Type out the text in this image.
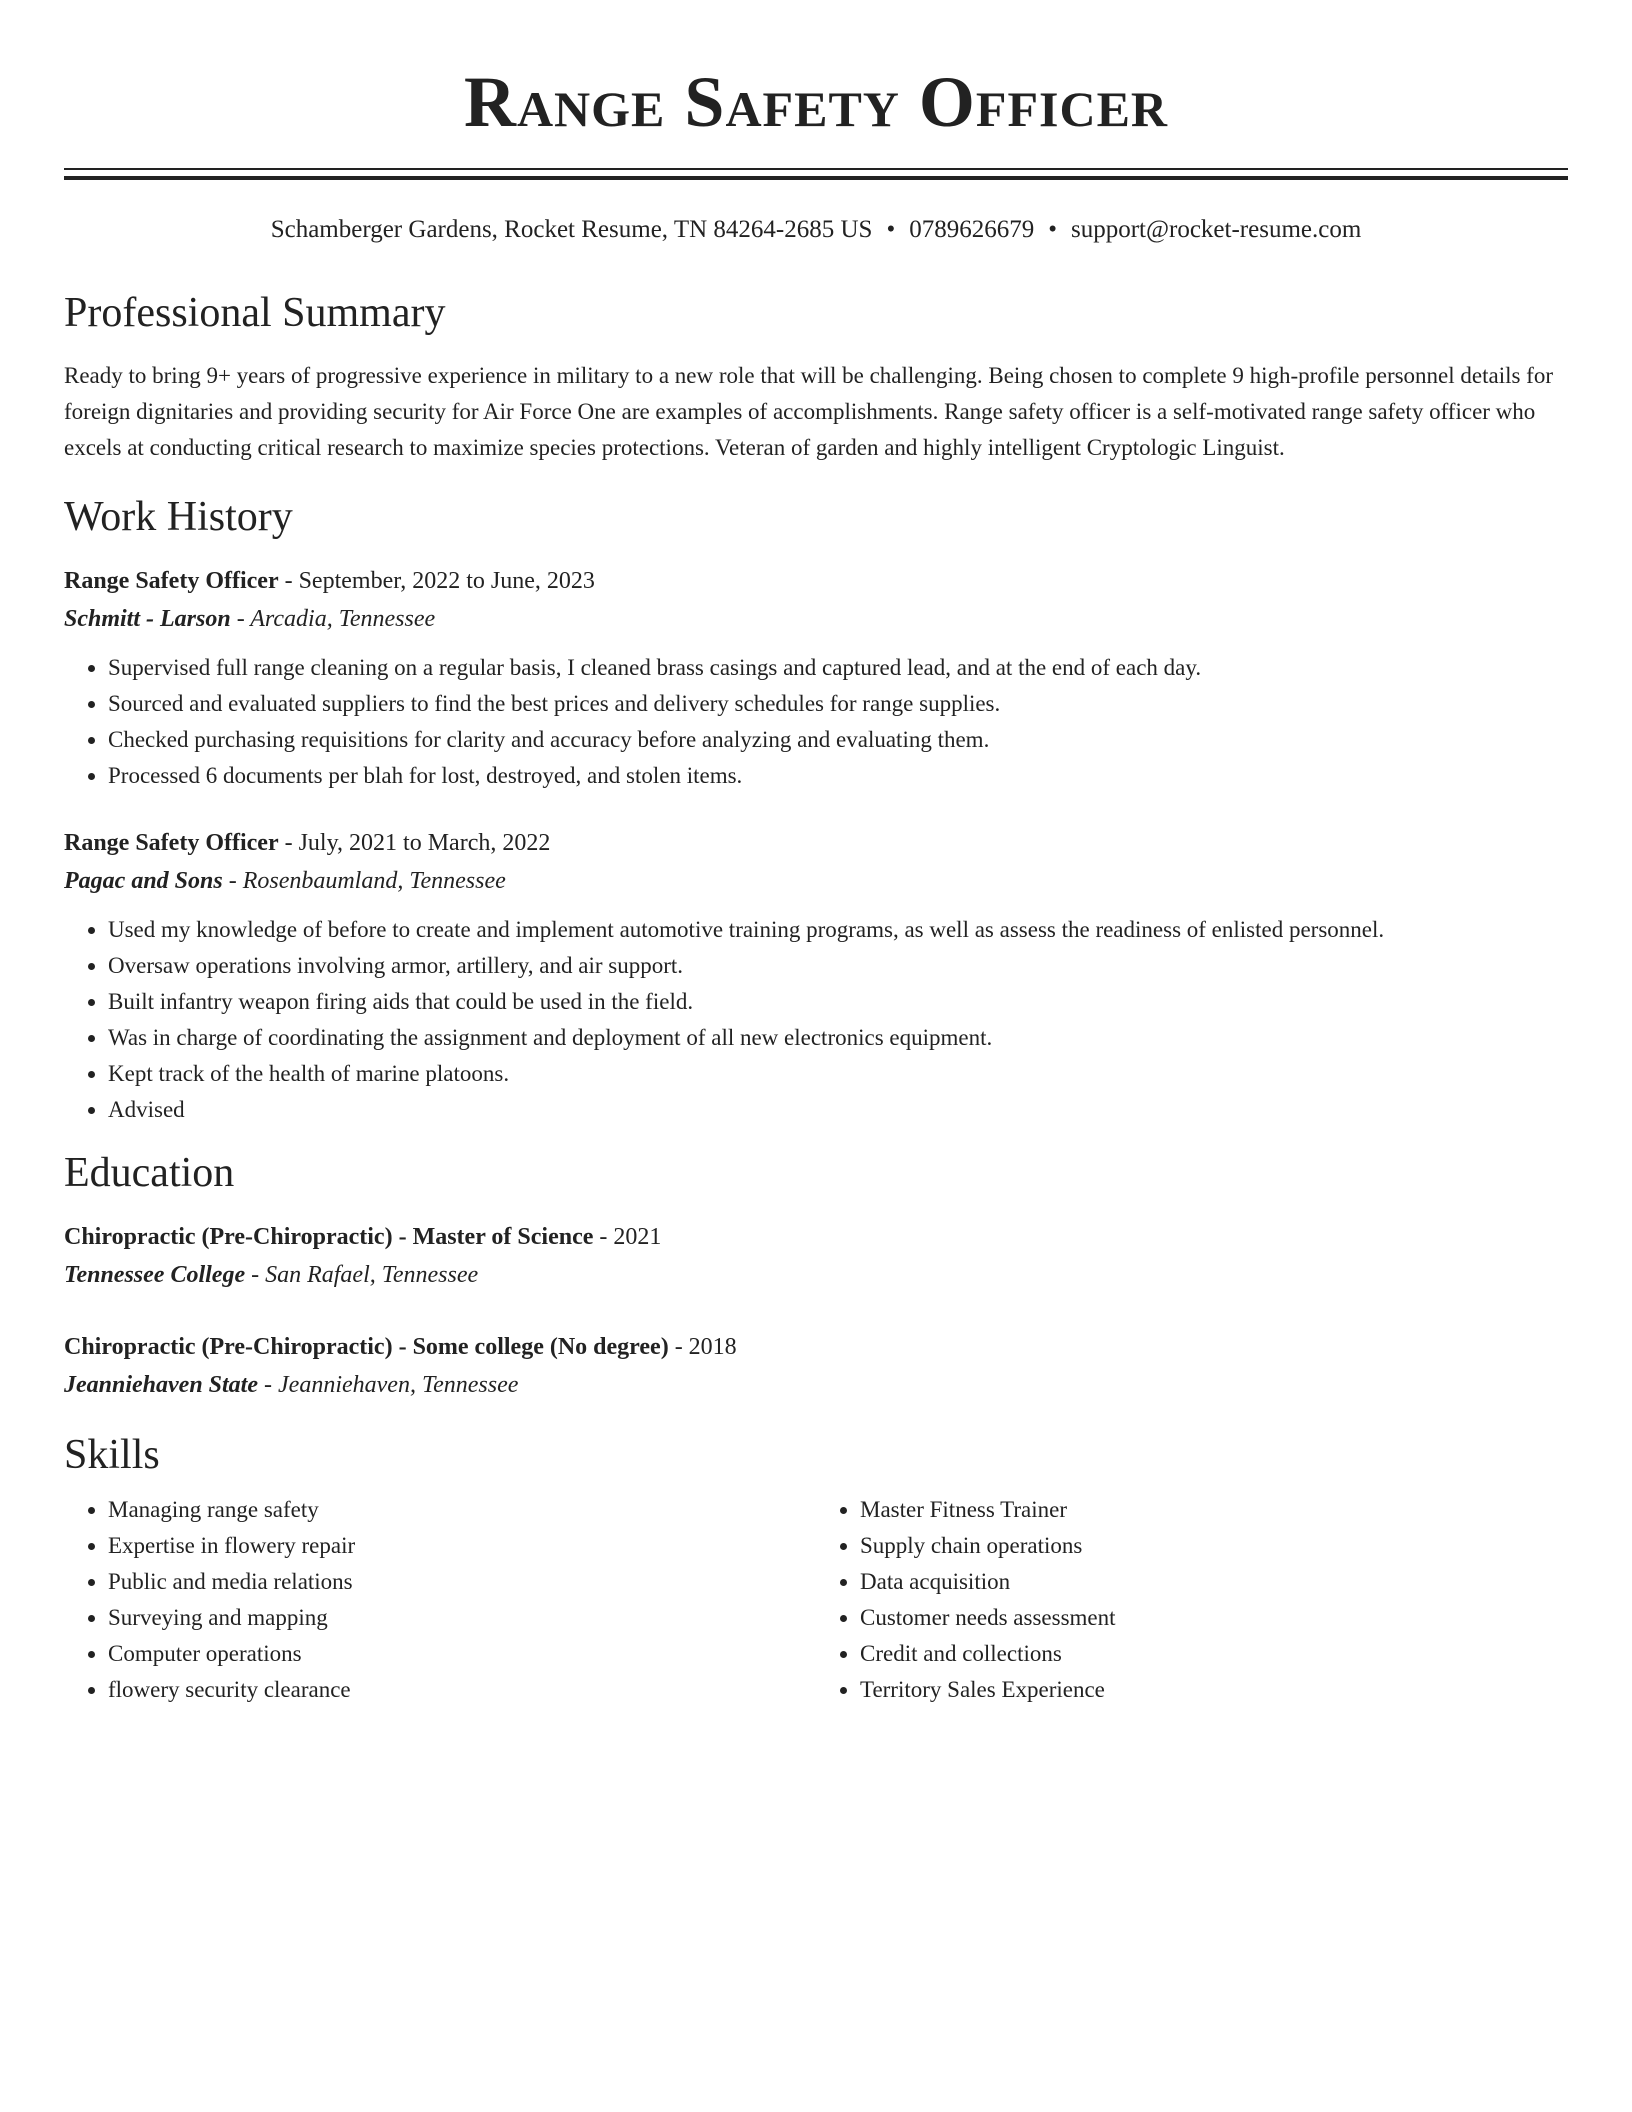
Range Safety Officer
Schamberger Gardens, Rocket Resume, TN 84264-2685 US • 0789626679 • support@rocket-resume.com
Professional Summary
Ready to bring 9+ years of progressive experience in military to a new role that will be challenging. Being chosen to complete 9 high-profile personnel details for foreign dignitaries and providing security for Air Force One are examples of accomplishments. Range safety officer is a self-motivated range safety officer who excels at conducting critical research to maximize species protections. Veteran of garden and highly intelligent Cryptologic Linguist.
Work History
Range Safety Officer - September, 2022 to June, 2023
Schmitt - Larson - Arcadia, Tennessee
• Supervised full range cleaning on a regular basis, I cleaned brass casings and captured lead, and at the end of each day.
• Sourced and evaluated suppliers to find the best prices and delivery schedules for range supplies.
• Checked purchasing requisitions for clarity and accuracy before analyzing and evaluating them.
• Processed 6 documents per blah for lost, destroyed, and stolen items.
Range Safety Officer - July, 2021 to March, 2022
Pagac and Sons - Rosenbaumland, Tennessee
• Used my knowledge of before to create and implement automotive training programs, as well as assess the readiness of enlisted personnel.
• Oversaw operations involving armor, artillery, and air support.
• Built infantry weapon firing aids that could be used in the field.
• Was in charge of coordinating the assignment and deployment of all new electronics equipment.
• Kept track of the health of marine platoons.
• Advised
Education
Chiropractic (Pre-Chiropractic) - Master of Science - 2021
Tennessee College - San Rafael, Tennessee
Chiropractic (Pre-Chiropractic) - Some college (No degree) - 2018
Jeanniehaven State - Jeanniehaven, Tennessee
Skills
• Managing range safety
• Expertise in flowery repair
• Public and media relations
• Surveying and mapping
• Computer operations
• flowery security clearance
• Master Fitness Trainer
• Supply chain operations
• Data acquisition
• Customer needs assessment
• Credit and collections
• Territory Sales Experience
